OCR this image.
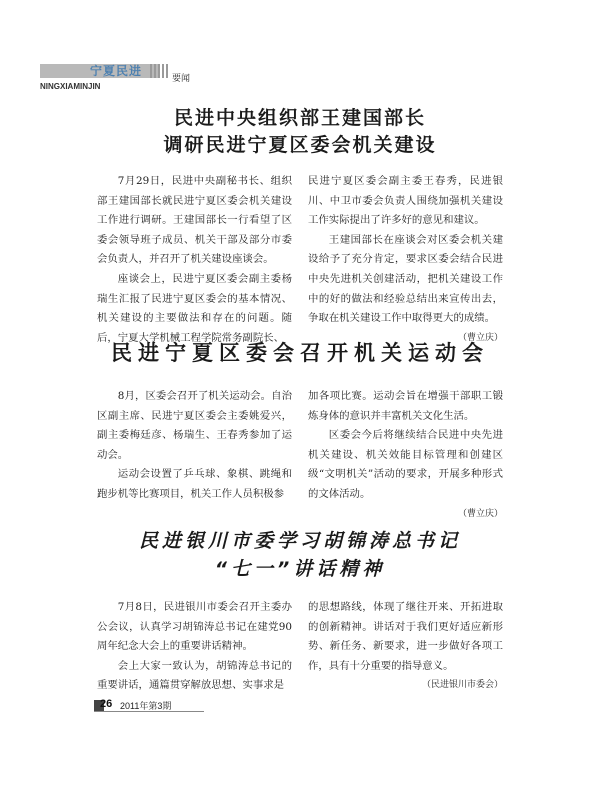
宁夏民进
要闻
NINGXIAMINJIN
民进中央组织部王建国部长
调研民进宁夏区委会机关建设

7月29日，民进中央副秘书长、组织部王建国部长就民进宁夏区委会机关建设工作进行调研。王建国部长一行看望了区委会领导班子成员、机关干部及部分市委会负责人，并召开了机关建设座谈会。

座谈会上，民进宁夏区委会副主委杨瑞生汇报了民进宁夏区委会的基本情况、机关建设的主要做法和存在的问题。随后，宁夏大学机械工程学院常务副院长、

民进宁夏区委会副主委王春秀，民进银川、中卫市委会负责人围绕加强机关建设工作实际提出了许多好的意见和建议。

王建国部长在座谈会对区委会机关建设给予了充分肯定，要求区委会结合民进中央先进机关创建活动，把机关建设工作中的好的做法和经验总结出来宣传出去，争取在机关建设工作中取得更大的成绩。

（曹立庆）
民进宁夏区委会召开机关运动会

8月，区委会召开了机关运动会。自治区副主席、民进宁夏区委会主委姚爱兴，副主委梅廷彦、杨瑞生、王春秀参加了运动会。

运动会设置了乒乓球、象棋、跳绳和跑步机等比赛项目，机关工作人员积极参

加各项比赛。运动会旨在增强干部职工锻炼身体的意识并丰富机关文化生活。

区委会今后将继续结合民进中央先进机关建设、机关效能目标管理和创建区级“文明机关”活动的要求，开展多种形式的文体活动。

（曹立庆）
民进银川市委学习胡锦涛总书记
“七一”讲话精神

7月8日，民进银川市委会召开主委办公会议，认真学习胡锦涛总书记在建党90周年纪念大会上的重要讲话精神。

会上大家一致认为，胡锦涛总书记的重要讲话，通篇贯穿解放思想、实事求是

的思想路线，体现了继往开来、开拓进取的创新精神。讲话对于我们更好适应新形势、新任务、新要求，进一步做好各项工作，具有十分重要的指导意义。

（民进银川市委会）
26 2011年第3期
